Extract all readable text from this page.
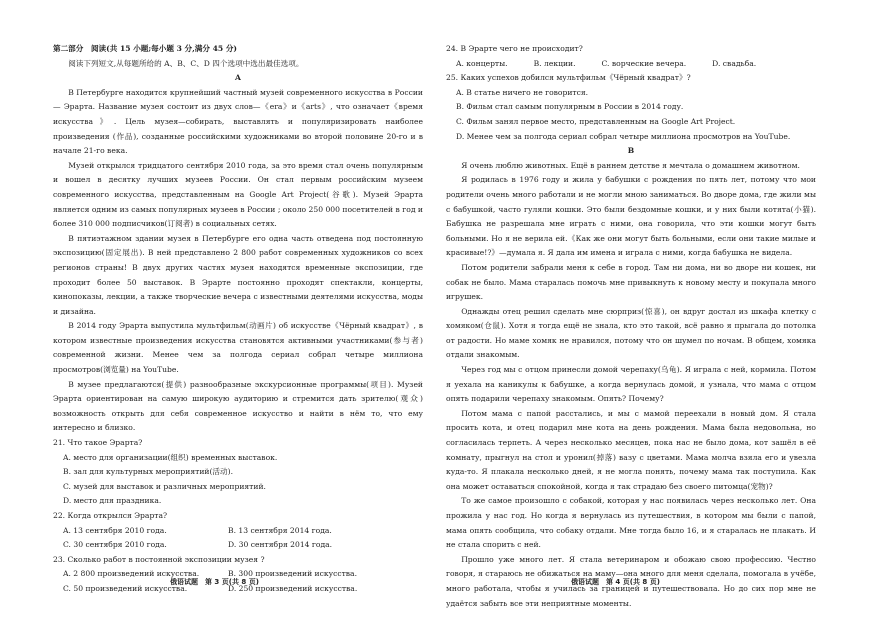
第二部分　阅读(共 15 小题;每小题 3 分,满分 45 分)

阅读下列短文,从每题所给的 A、B、C、D 四个选项中选出最佳选项。

A

В Петербурге находится крупнейший частный музей современного искусства в России— Эрарта. Название музея состоит из двух слов—《era》и《arts》, что означает《время искусства》. Цель музея—собирать, выставлять и популяризировать наиболее произведения (作品), созданные российскими художниками во второй половине 20-го и в начале 21-го века.

Музей открылся тридцатого сентября 2010 года, за это время стал очень популярным и вошел в десятку лучших музеев России. Он стал первым российским музеем современного искусства, представленным на Google Art Project(谷歌). Музей Эрарта является одним из самых популярных музеев в России ; около 250 000 посетителей в год и более 310 000 подписчиков(订阅者) в социальных сетях.

В пятиэтажном здании музея в Петербурге его одна часть отведена под постоянную экспозицию(固定展出). В ней представлено 2 800 работ современных художников со всех регионов страны! В двух других частях музея находятся временные экспозиции, где проходит более 50 выставок. В Эрарте постоянно проходят спектакли, концерты, кинопоказы, лекции, а также творческие вечера с известными деятелями искусства, моды и дизайна.

В 2014 году Эрарта выпустила мультфильм(动画片) об искусстве《Чёрный квадрат》, в котором известные произведения искусства становятся активными участниками(参与者) современной жизни. Менее чем за полгода сериал собрал четыре миллиона просмотров(浏览量) на YouTube.

В музее предлагаются(提供) разнообразные экскурсионные программы(项目). Музей Эрарта ориентирован на самую широкую аудиторию и стремится дать зрителю(观众) возможность открыть для себя современное искусство и найти в нём то, что ему интересно и близко.

21. Что такое Эрарта?

A. место для организации(组织) временных выставок.

B. зал для культурных мероприятий(活动).

C. музей для выставок и различных мероприятий.

D. место для праздника.

22. Когда открылся Эрарта?

A. 13 сентября 2010 года.	B. 13 сентября 2014 года.
C. 30 сентября 2010 года.	D. 30 сентября 2014 года.

23. Сколько работ в постоянной экспозиции музея ?

A. 2 800 произведений искусства.	B. 300 произведений искусства.
C. 50 произведений искусства.	D. 250 произведений искусства.

24. В Эрарте чего не происходит?

A. концерты.	B. лекции.	C. ворческие вечера.	D. свадьба.

25. Каких успехов добился мультфильм《Чёрный квадрат》?

A. В статье ничего не говорится.

B. Фильм стал самым популярным в России в 2014 году.

C. Фильм занял первое место, представленным на Google Art Project.

D. Менее чем за полгода сериал собрал четыре миллиона просмотров на YouTube.

B

Я очень люблю животных. Ещё в раннем детстве я мечтала о домашнем животном.

Я родилась в 1976 году и жила у бабушки с рождения по пять лет, потому что мои родители очень много работали и не могли мною заниматься. Во дворе дома, где жили мы с бабушкой, часто гуляли кошки. Это были бездомные кошки, и у них были котята(小猫). Бабушка не разрешала мне играть с ними, она говорила, что эти кошки могут быть больными. Но я не верила ей.《Как же они могут быть больными, если они такие милые и красивые!?》—думала я. Я дала им имена и играла с ними, когда бабушка не видела.

Потом родители забрали меня к себе в город. Там ни дома, ни во дворе ни кошек, ни собак не было. Мама старалась помочь мне привыкнуть к новому месту и покупала много игрушек.

Однажды отец решил сделать мне сюрприз(惊喜), он вдруг достал из шкафа клетку с хомяком(仓鼠). Хотя я тогда ещё не знала, кто это такой, всё равно я прыгала до потолка от радости. Но маме хомяк не нравился, потому что он шумел по ночам. В общем, хомяка отдали знакомым.

Через год мы с отцом принесли домой черепаху(乌龟). Я играла с ней, кормила. Потом я уехала на каникулы к бабушке, а когда вернулась домой, я узнала, что мама с отцом опять подарили черепаху знакомым. Опять? Почему?

Потом мама с папой расстались, и мы с мамой переехали в новый дом. Я стала просить кота, и отец подарил мне кота на день рождения. Мама была недовольна, но согласилась терпеть. А через несколько месяцев, пока нас не было дома, кот зашёл в её комнату, прыгнул на стол и уронил(掉落) вазу с цветами. Мама молча взяла его и увезла куда-то. Я плакала несколько дней, я не могла понять, почему мама так поступила. Как она может оставаться спокойной, когда я так страдаю без своего питомца(宠物)?

То же самое произошло с собакой, которая у нас появилась через несколько лет. Она прожила у нас год. Но когда я вернулась из путешествия, в котором мы были с папой, мама опять сообщила, что собаку отдали. Мне тогда было 16, и я старалась не плакать. И не стала спорить с ней.

Прошло уже много лет. Я стала ветеринаром и обожаю свою профессию. Честно говоря, я стараюсь не обижаться на маму—она много для меня сделала, помогала в учёбе, много работала, чтобы я училась за границей и путешествовала. Но до сих пор мне не удаётся забыть все эти неприятные моменты.

俄语试题　第 3 页(共 8 页)	俄语试题　第 4 页(共 8 页)
